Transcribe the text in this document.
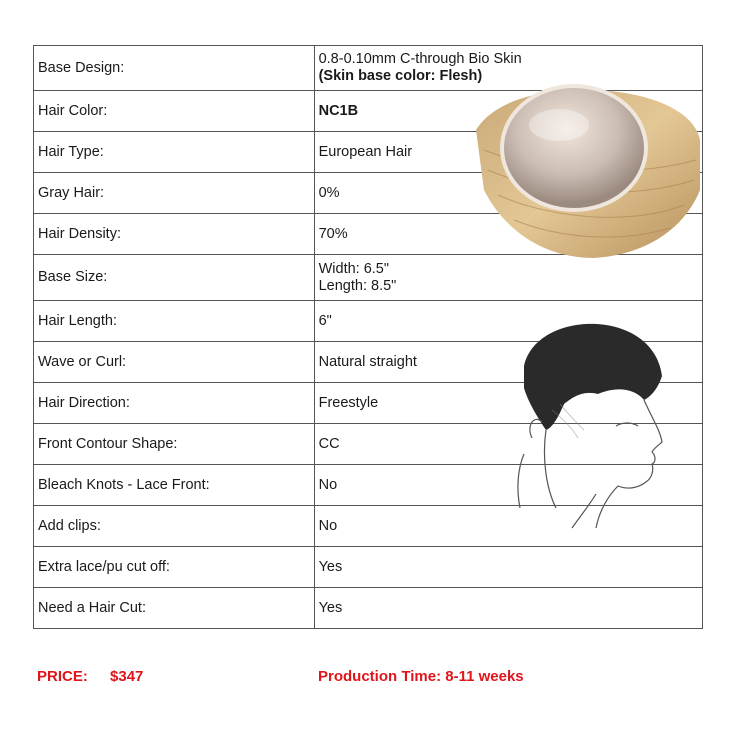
Base Design:	0.8-0.10mm C-through Bio Skin
(Skin base color: Flesh)

Hair Color:	NC1B
Hair Type:	European Hair
Gray Hair:	0%
Hair Density:	70%
Base Size:	Width: 6.5"
Length: 8.5"

Hair Length:	6"
Wave or Curl:	Natural straight
Hair Direction:	Freestyle
Front Contour Shape:	CC
Bleach Knots - Lace Front:	No
Add clips:	No
Extra lace/pu cut off:	Yes
Need a Hair Cut:	Yes
PRICE: $347	Production Time: 8-11 weeks
